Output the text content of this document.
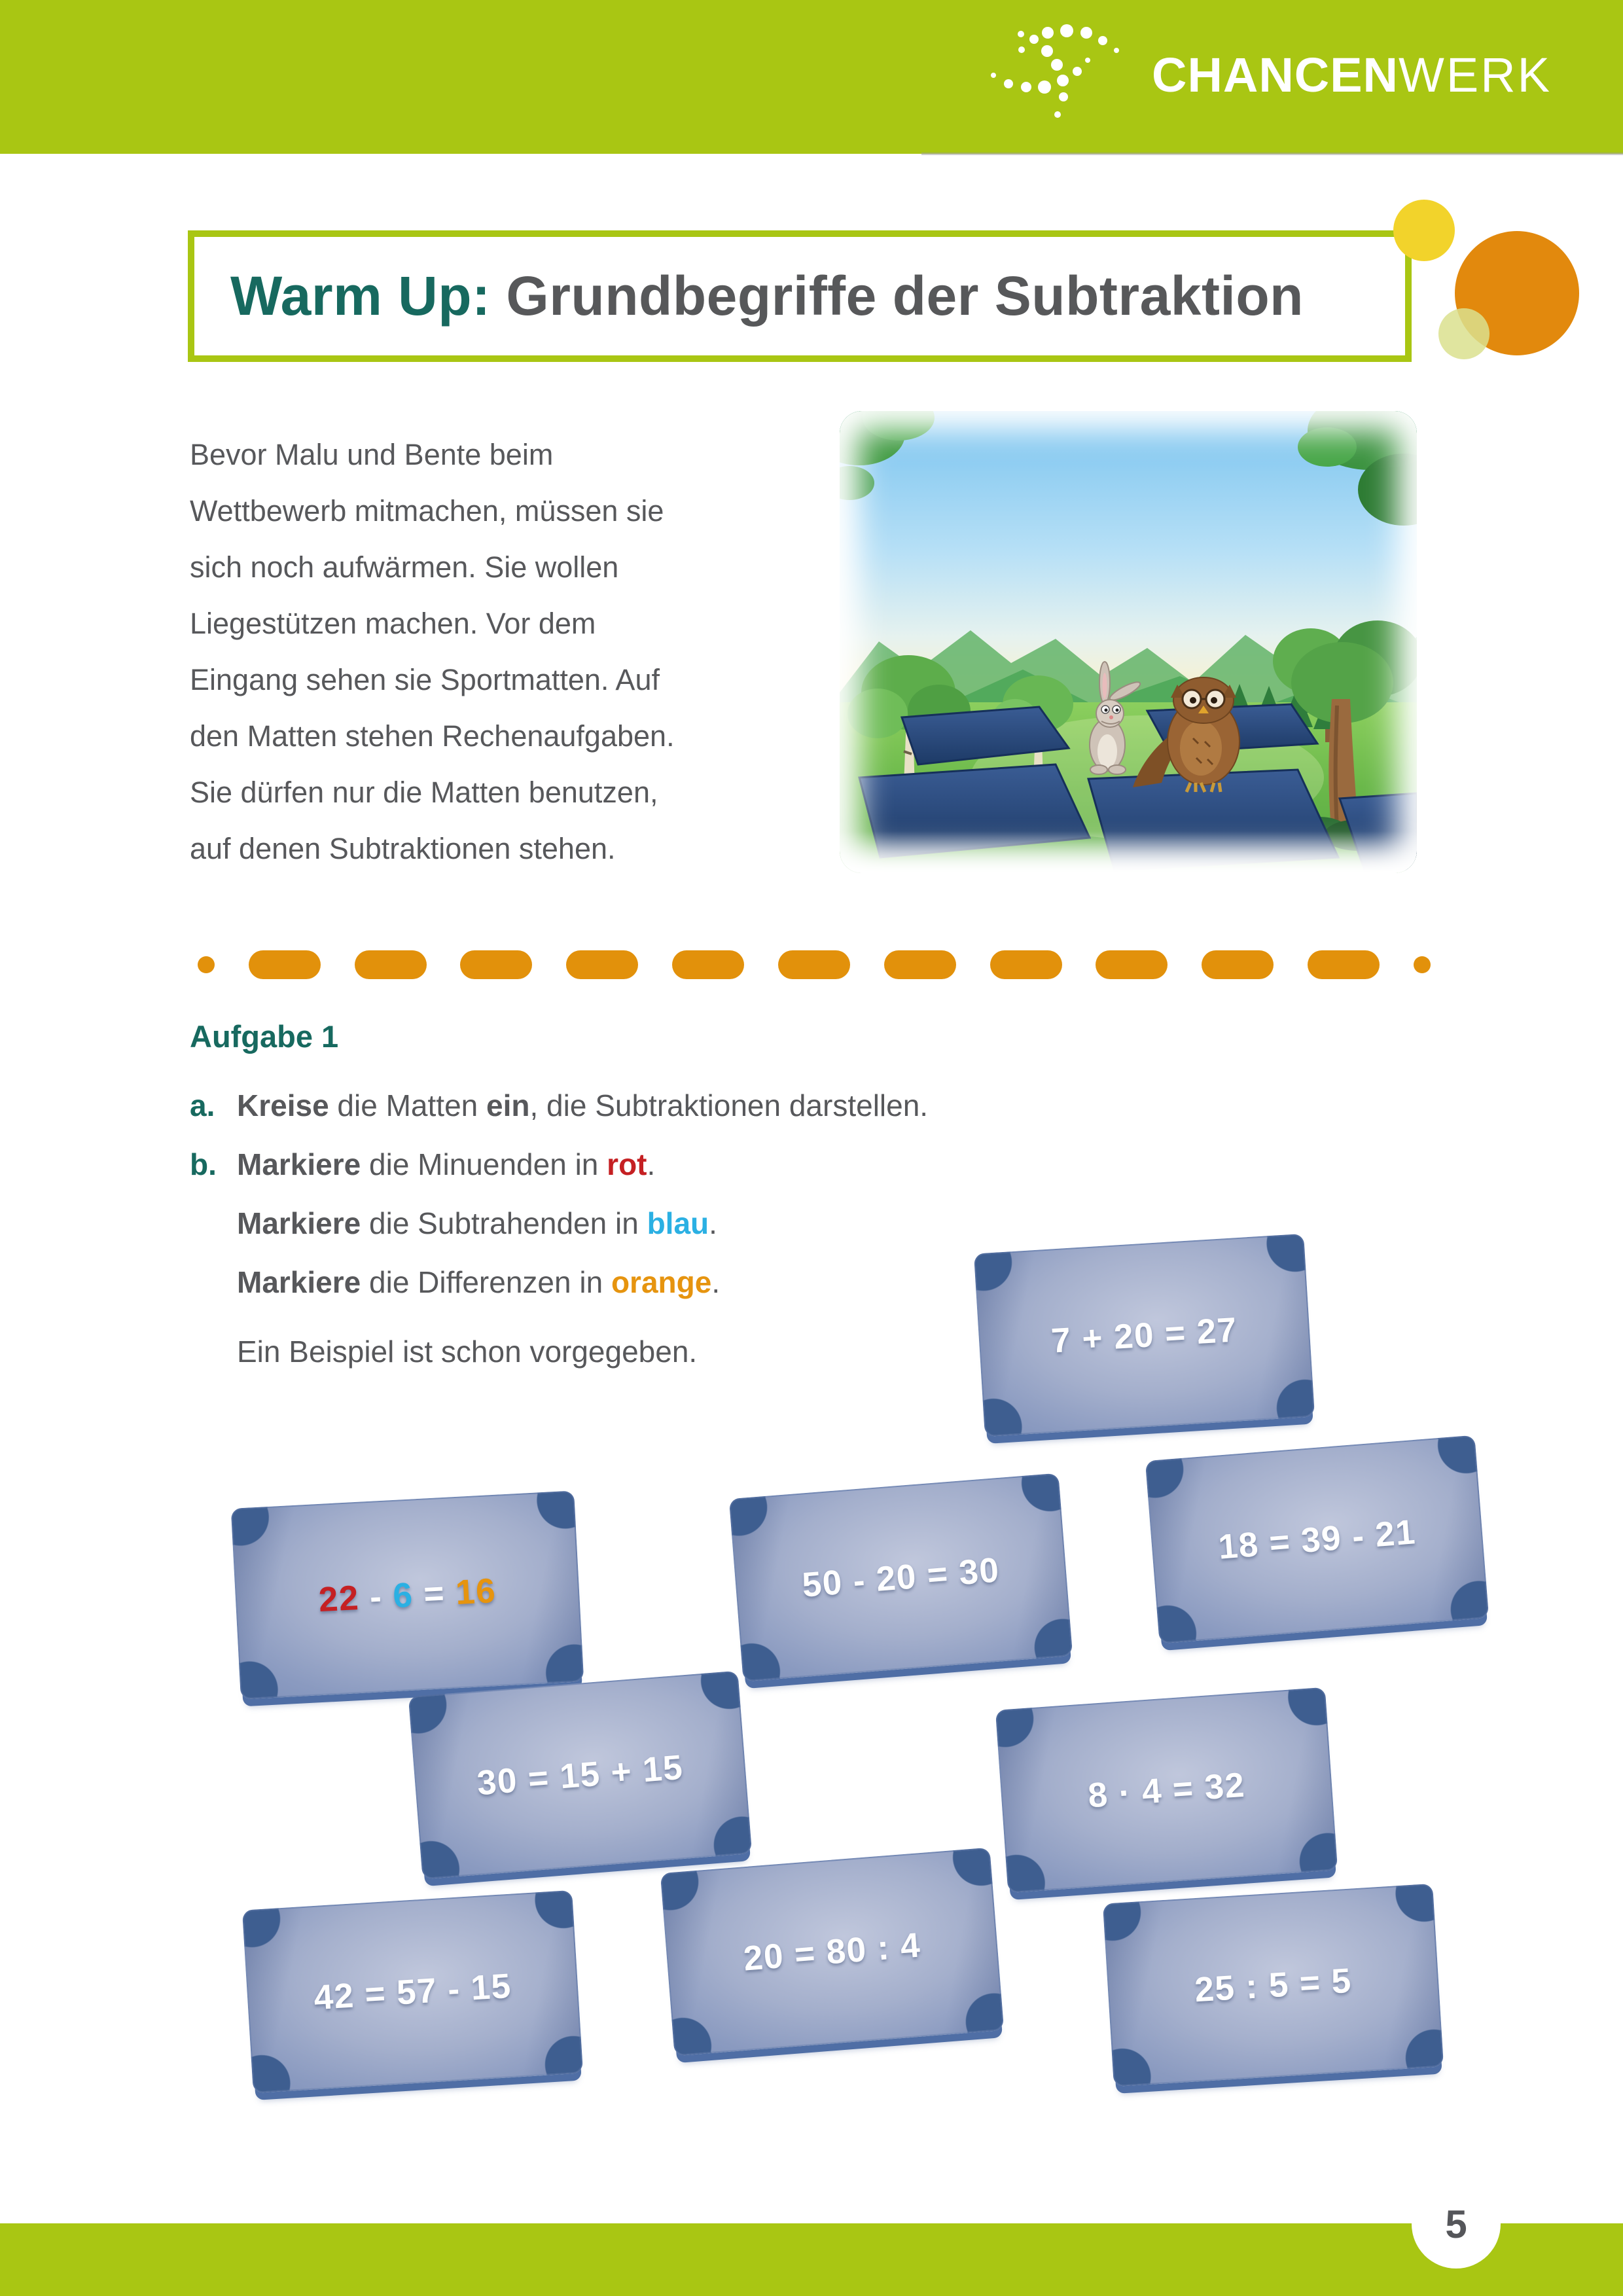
CHANCENWERK
Warm Up: Grundbegriffe der Subtraktion

Bevor Malu und Bente beim
Wettbewerb mitmachen, müssen sie
sich noch aufwärmen. Sie wollen
Liegestützen machen. Vor dem
Eingang sehen sie Sportmatten. Auf
den Matten stehen Rechenaufgaben.
Sie dürfen nur die Matten benutzen,
auf denen Subtraktionen stehen.

Aufgabe 1
a. Kreise die Matten ein, die Subtraktionen darstellen.
b. Markiere die Minuenden in rot.
Markiere die Subtrahenden in blau.
Markiere die Differenzen in orange.
Ein Beispiel ist schon vorgegeben.	7 + 20 = 27
18 = 39 - 21
50 - 20 = 30
22 - 6 = 16
30 = 15 + 15	8 · 4 = 32
20 = 80 : 4
42 = 57 - 15	25 : 5 = 5
5
